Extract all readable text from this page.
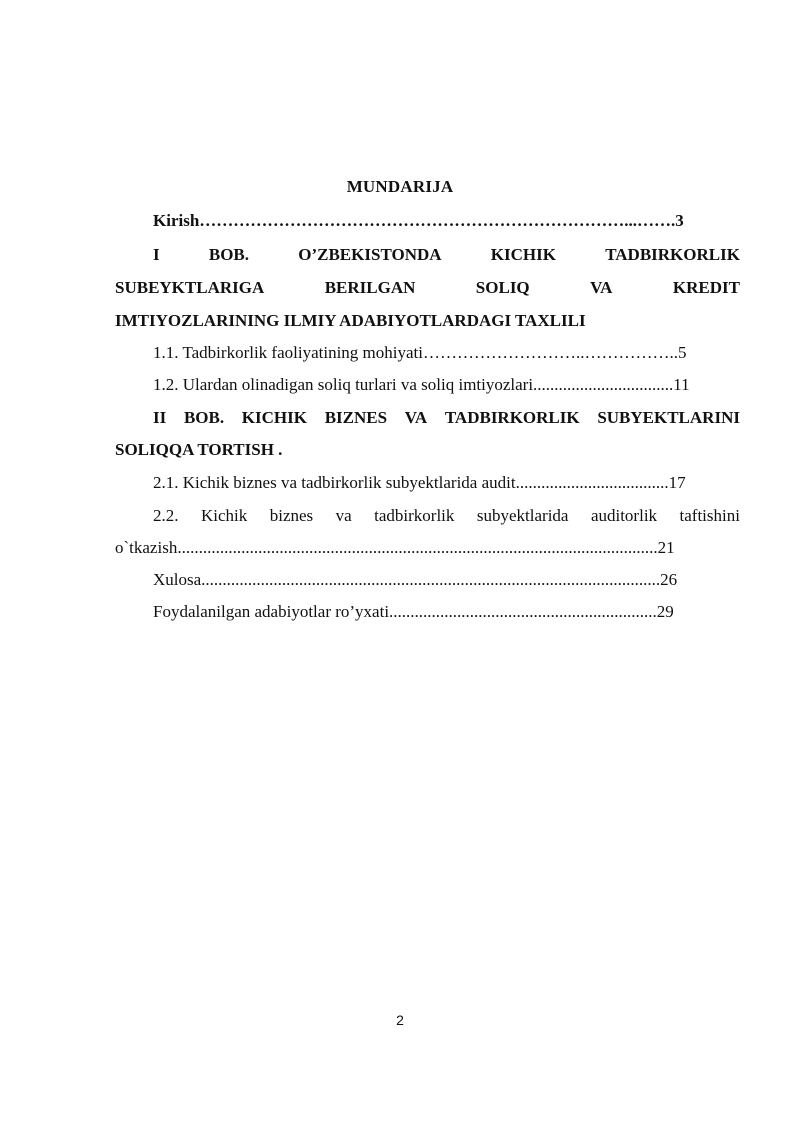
MUNDARIJA
Kirish…………………………………………………………………...…….3
I	BOB.	O’ZBEKISTONDA	KICHIK	TADBIRKORLIK
SUBEYKTLARIGA	BERILGAN	SOLIQ	VA	KREDIT
IMTIYOZLARINING ILMIY ADABIYOTLARDAGI TAXLILI
1.1. Tadbirkorlik faoliyatining mohiyati………………………..……………..5
1.2. Ulardan olinadigan soliq turlari va soliq imtiyozlari.................................11
II BOB. KICHIK BIZNES VA TADBIRKORLIK SUBYEKTLARINI
SOLIQQA TORTISH .
2.1. Kichik biznes va tadbirkorlik subyektlarida audit....................................17
2.2. Kichik biznes va tadbirkorlik subyektlarida auditorlik taftishini
o`tkazish.................................................................................................................21
Xulosa............................................................................................................26
Foydalanilgan adabiyotlar ro’yxati...............................................................29
2
